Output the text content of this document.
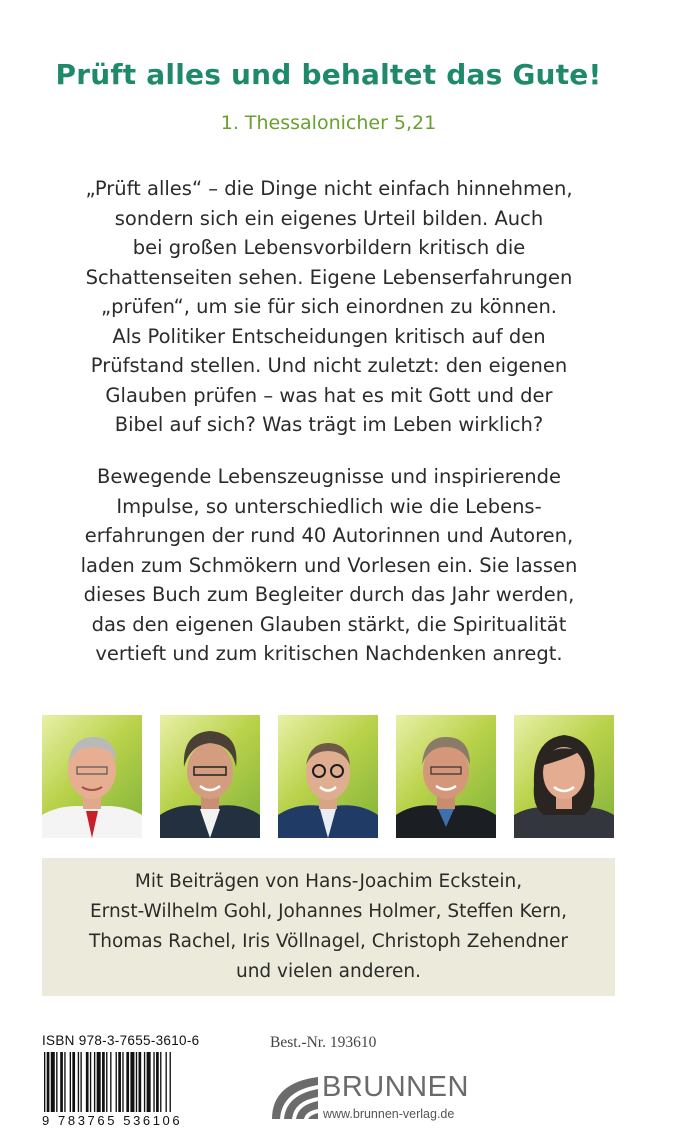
Prüft alles und behaltet das Gute!
1. Thessalonicher 5,21
„Prüft alles“ – die Dinge nicht einfach hinnehmen,
sondern sich ein eigenes Urteil bilden. Auch
bei großen Lebensvorbildern kritisch die
Schattenseiten sehen. Eigene Lebenserfahrungen
„prüfen“, um sie für sich einordnen zu können.
Als Politiker Entscheidungen kritisch auf den
Prüfstand stellen. Und nicht zuletzt: den eigenen
Glauben prüfen – was hat es mit Gott und der
Bibel auf sich? Was trägt im Leben wirklich?
Bewegende Lebenszeugnisse und inspirierende
Impulse, so unterschiedlich wie die Lebens-
erfahrungen der rund 40 Autorinnen und Autoren,
laden zum Schmökern und Vorlesen ein. Sie lassen
dieses Buch zum Begleiter durch das Jahr werden,
das den eigenen Glauben stärkt, die Spiritualität
vertieft und zum kritischen Nachdenken anregt.
Mit Beiträgen von Hans-Joachim Eckstein,
Ernst-Wilhelm Gohl, Johannes Holmer, Steffen Kern,
Thomas Rachel, Iris Völlnagel, Christoph Zehendner
und vielen anderen.
ISBN 978-3-7655-3610-6
9 783765 536106
Best.-Nr. 193610
BRUNNEN
www.brunnen-verlag.de
